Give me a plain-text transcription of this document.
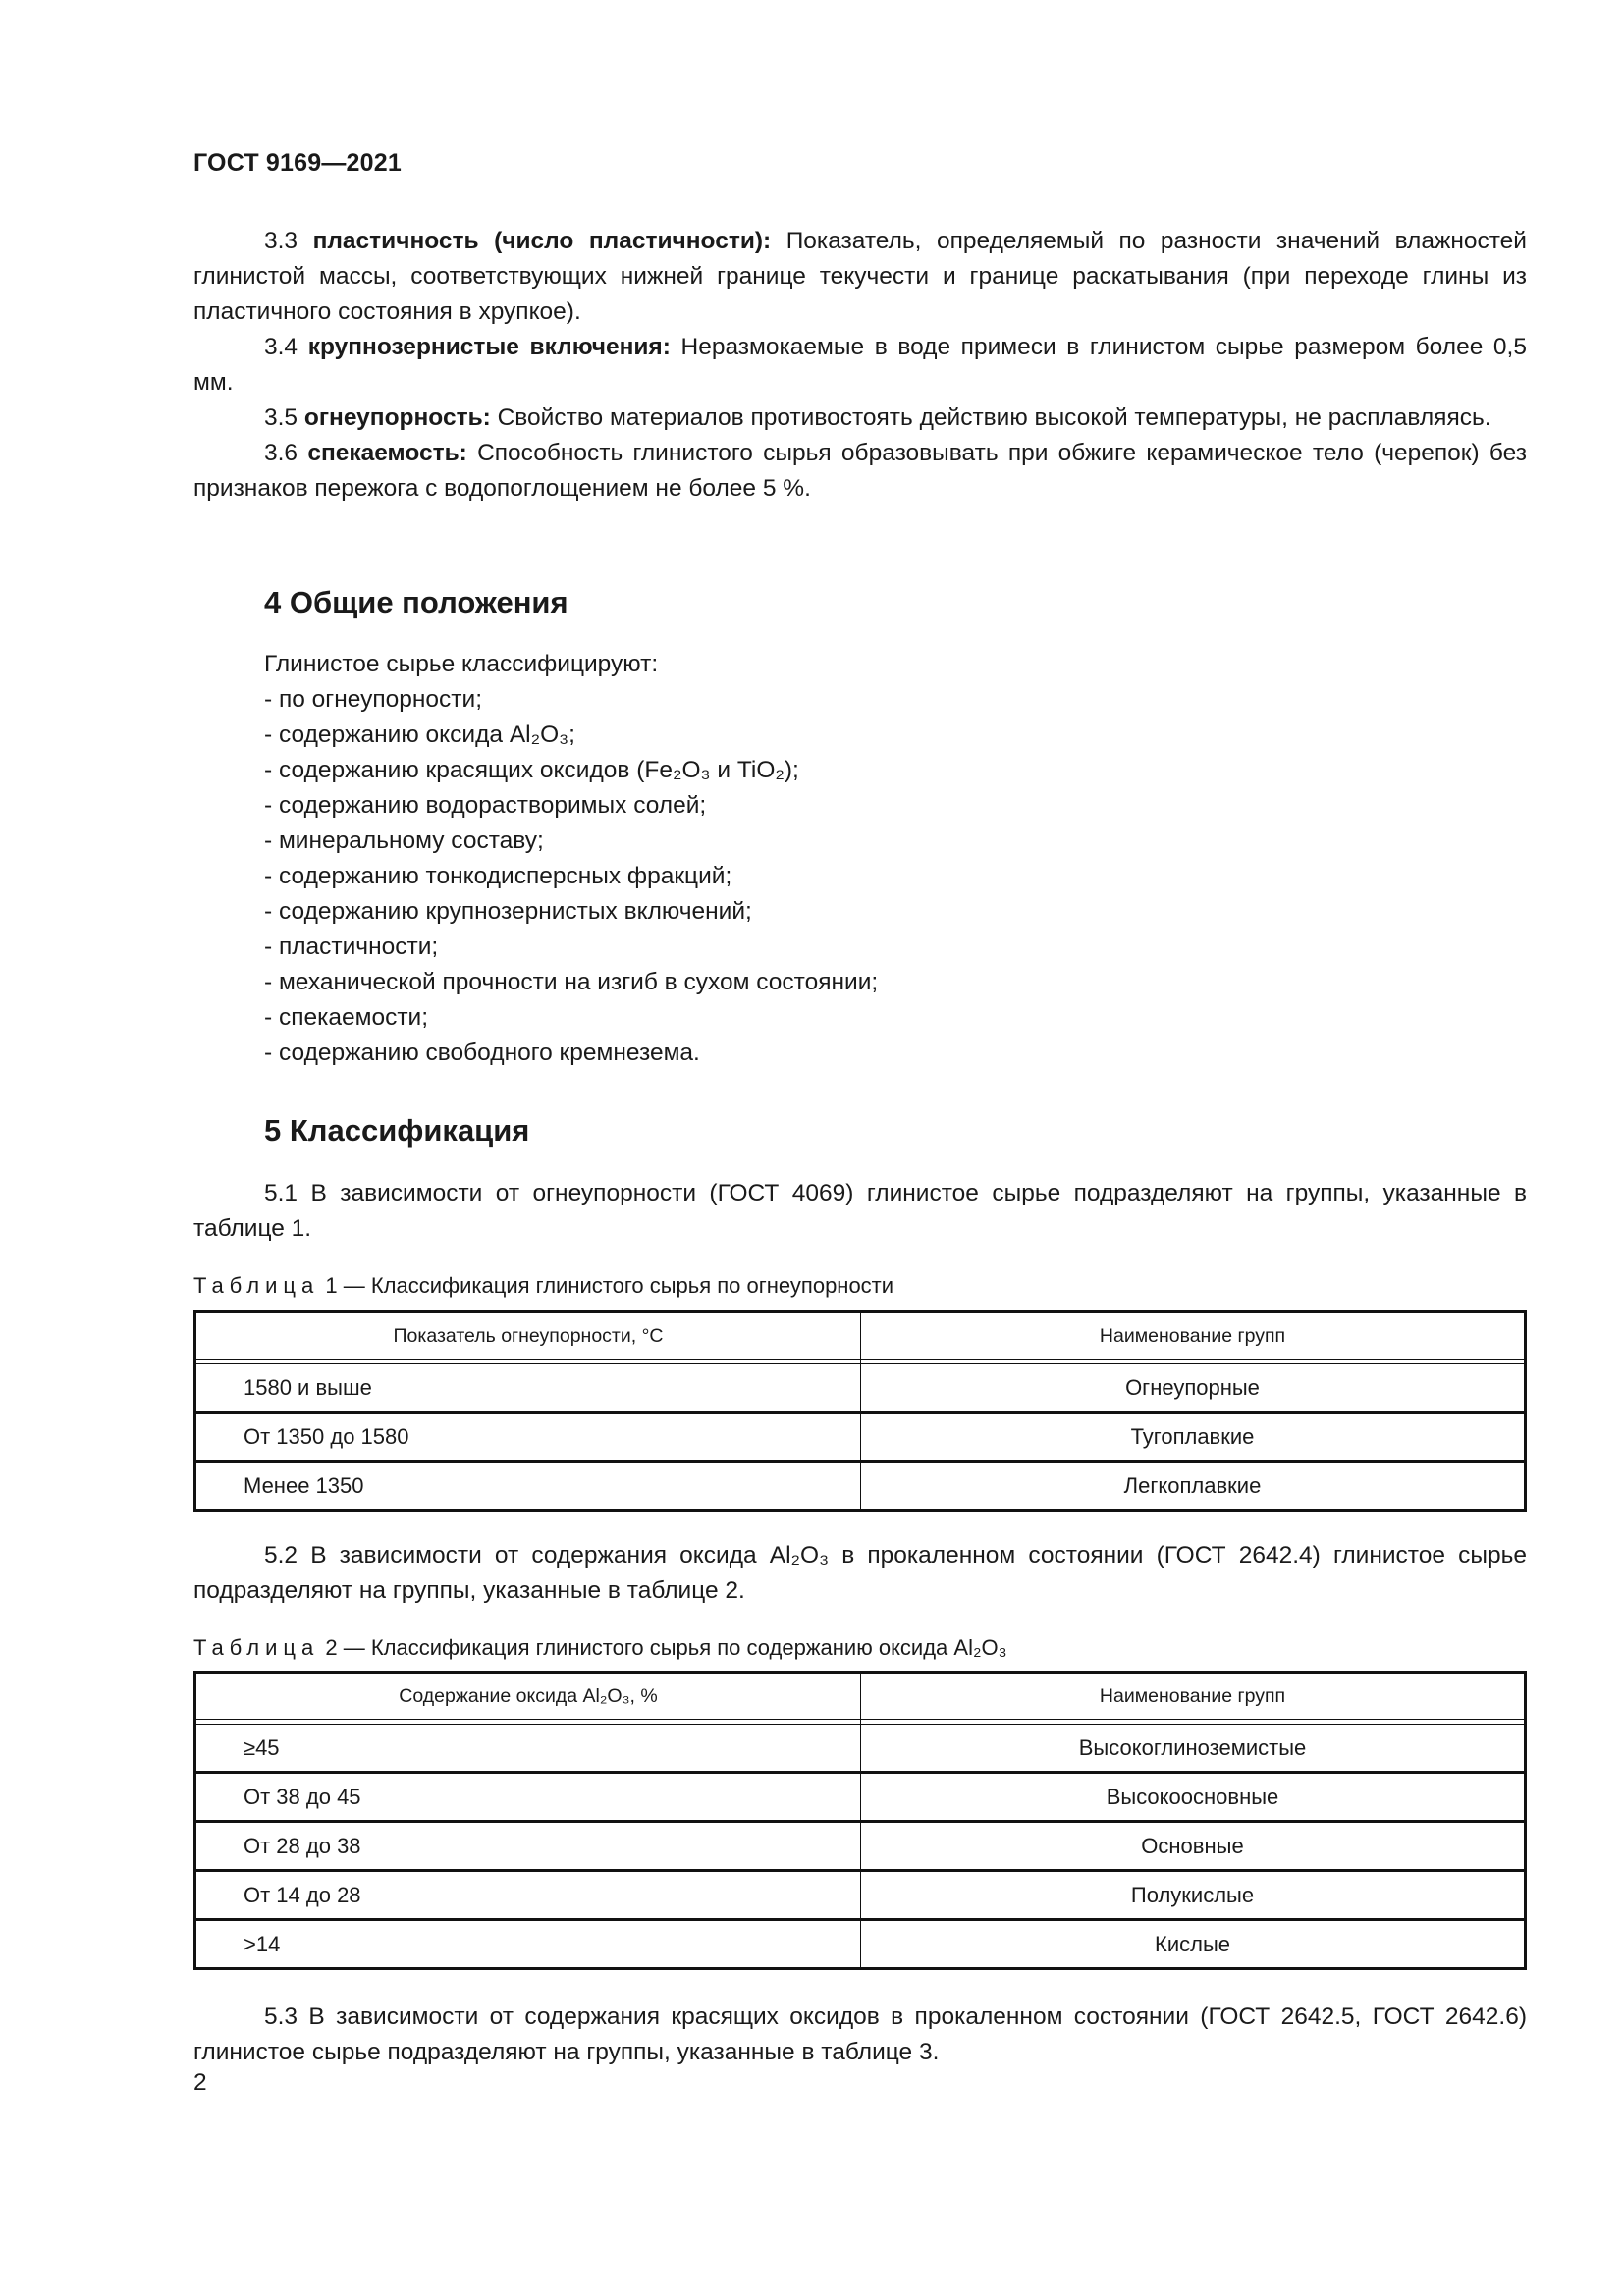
ГОСТ 9169—2021

3.3 пластичность (число пластичности): Показатель, определяемый по разности значений влажностей глинистой массы, соответствующих нижней границе текучести и границе раскатывания (при переходе глины из пластичного состояния в хрупкое).

3.4 крупнозернистые включения: Неразмокаемые в воде примеси в глинистом сырье размером более 0,5 мм.

3.5 огнеупорность: Свойство материалов противостоять действию высокой температуры, не расплавляясь.

3.6 спекаемость: Способность глинистого сырья образовывать при обжиге керамическое тело (черепок) без признаков пережога с водопоглощением не более 5 %.

4 Общие положения
Глинистое сырье классифицируют:
- по огнеупорности;
- содержанию оксида Al₂O₃;
- содержанию красящих оксидов (Fe₂O₃ и TiO₂);
- содержанию водорастворимых солей;
- минеральному составу;
- содержанию тонкодисперсных фракций;
- содержанию крупнозернистых включений;
- пластичности;
- механической прочности на изгиб в сухом состоянии;
- спекаемости;
- содержанию свободного кремнезема.
5 Классификация

5.1 В зависимости от огнеупорности (ГОСТ 4069) глинистое сырье подразделяют на группы, указанные в таблице 1.

Таблица 1 — Классификация глинистого сырья по огнеупорности
Показатель огнеупорности, °С	Наименование групп

1580 и выше	Огнеупорные
От 1350 до 1580	Тугоплавкие
Менее 1350	Легкоплавкие

5.2 В зависимости от содержания оксида Al₂O₃ в прокаленном состоянии (ГОСТ 2642.4) глинистое сырье подразделяют на группы, указанные в таблице 2.

Таблица 2 — Классификация глинистого сырья по содержанию оксида Al₂O₃
Содержание оксида Al₂O₃, %	Наименование групп

≥45	Высокоглиноземистые
От 38 до 45	Высокоосновные
От 28 до 38	Основные
От 14 до 28	Полукислые
>14	Кислые

5.3 В зависимости от содержания красящих оксидов в прокаленном состоянии (ГОСТ 2642.5, ГОСТ 2642.6) глинистое сырье подразделяют на группы, указанные в таблице 3.

2
